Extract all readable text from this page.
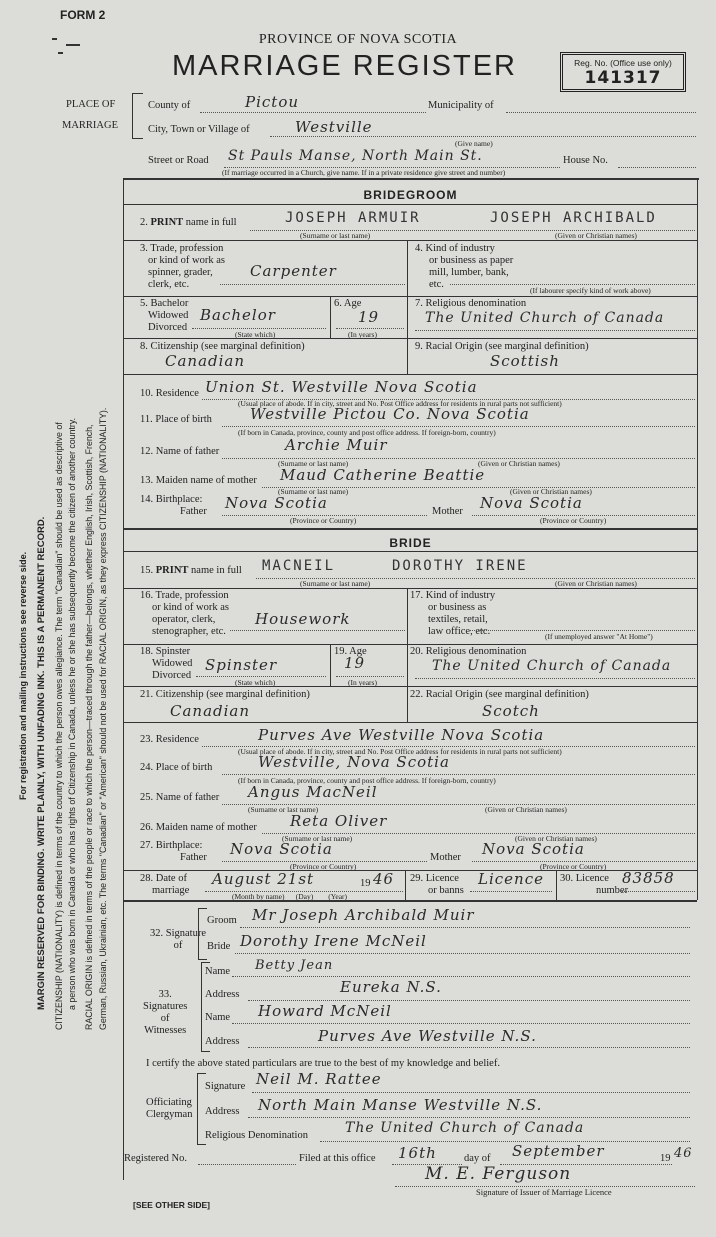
FORM 2
PROVINCE OF NOVA SCOTIA
MARRIAGE REGISTER	Reg. No. (Office use only)
141317
PLACE OF
MARRIAGE
County of	Pictou	Municipality of
City, Town or Village of	Westville
(Give name)
Street or Road St Pauls Manse, North Main St.	House No.
(If marriage occurred in a Church, give name. If in a private residence give street and number)
BRIDEGROOM
2. PRINT name in full	JOSEPH ARMUIR	JOSEPH ARCHIBALD
(Surname or last name)	(Given or Christian names)
3. Trade, profession
or kind of work as
spinner, grader,
clerk, etc.
Carpenter
4. Kind of industry
or business as paper
mill, lumber, bank,
etc.
(If labourer specify kind of work above)
5. Bachelor
Widowed
Divorced
Bachelor
(State which)
6. Age
19
(In years)
7. Religious denomination
The United Church of Canada
8. Citizenship (see marginal definition)
Canadian
9. Racial Origin (see marginal definition)
Scottish
10. Residence Union St. Westville Nova Scotia
(Usual place of abode. If in city, street and No. Post Office address for residents in rural parts not sufficient)
11. Place of birth	Westville Pictou Co. Nova Scotia
(If born in Canada, province, county and post office address. If foreign-born, country)
12. Name of father	Archie Muir
(Surname or last name)	(Given or Christian names)
13. Maiden name of mother Maud Catherine Beattie
(Surname or last name)	(Given or Christian names)
14. Birthplace:
Father Nova Scotia
(Province or Country)
Mother Nova Scotia
(Province or Country)
BRIDE
15. PRINT name in full MACNEIL	DOROTHY IRENE
(Surname or last name)	(Given or Christian names)
16. Trade, profession
or kind of work as
operator, clerk,
stenographer, etc.
Housework
17. Kind of industry
or business as
textiles, retail,
law office, etc.	(If unemployed answer "At Home")
18. Spinster
Widowed
Divorced
Spinster
(State which)
19. Age
19
(In years)
20. Religious denomination
The United Church of Canada
21. Citizenship (see marginal definition)
Canadian
22. Racial Origin (see marginal definition)
Scotch
23. Residence	Purves Ave Westville Nova Scotia
(Usual place of abode. If in city, street and No. Post Office address for residents in rural parts not sufficient)
24. Place of birth	Westville, Nova Scotia
(If born in Canada, province, county and post office address. If foreign-born, country)
25. Name of father Angus MacNeil
(Surname or last name)	(Given or Christian names)
26. Maiden name of mother Reta Oliver
(Surname or last name)	(Given or Christian names)
27. Birthplace:
Father Nova Scotia
(Province or Country)
Mother Nova Scotia
(Province or Country)
28. Date of
marriage
August 21st	19 46
(Month by name)      (Day)        (Year)
29. Licence
or banns
Licence 30. Licence
number
83858
32. Signature
of
Groom Mr Joseph Archibald Muir
Bride Dorothy Irene McNeil
33.
Signatures
of
Witnesses
Name Betty Jean
Address	Eureka N.S.
Name Howard McNeil
Address	Purves Ave Westville N.S.
I certify the above stated particulars are true to the best of my knowledge and belief.
Officiating
Clergyman
Signature Neil M. Rattee
Address North Main Manse Westville N.S.
Religious Denomination	The United Church of Canada
Registered No.	Filed at this office 16th	day of September	19 46
M. E. Ferguson
Signature of Issuer of Marriage Licence
[SEE OTHER SIDE]
For registration and mailing instructions see reverse side. MARGIN RESERVED FOR BINDING. WRITE PLAINLY, WITH UNFADING INK. THIS IS A PERMANENT RECORD. CITIZENSHIP (NATIONALITY) is defined in terms of the country to which the person owes allegiance. The term "Canadian" should be used as descriptive of a person who was born in Canada or who has rights of Citizenship in Canada, unless he or she has subsequently become the citizen of another country. RACIAL ORIGIN is defined in terms of the people or race to which the person—traced through the father—belongs, whether English, Irish, Scottish, French, German, Russian, Ukrainian, etc. The terms "Canadian" or "American" should not be used for RACIAL ORIGIN, as they express CITIZENSHIP (NATIONALITY).
